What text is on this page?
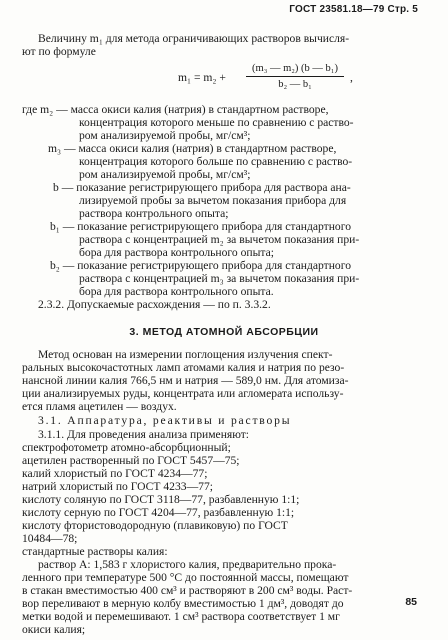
ГОСТ 23581.18—79 Стр. 5
Величину m₁ для метода ограничивающих растворов вычисля-
ют по формуле
m₁ = m₂ +
(m₃ — m₂) (b — b₁)
b₂ — b₁
,
где m₂ — масса окиси калия (натрия) в стандартном растворе,
концентрация которого меньше по сравнению с раство-
ром анализируемой пробы, мг/см³;
m₃ — масса окиси калия (натрия) в стандартном растворе,
концентрация которого больше по сравнению с раство-
ром анализируемой пробы, мг/см³;
b — показание регистрирующего прибора для раствора ана-
лизируемой пробы за вычетом показания прибора для
раствора контрольного опыта;
b₁ — показание регистрирующего прибора для стандартного
раствора с концентрацией m₂ за вычетом показания при-
бора для раствора контрольного опыта;
b₂ — показание регистрирующего прибора для стандартного
раствора с концентрацией m₃ за вычетом показания при-
бора для раствора контрольного опыта.
2.3.2. Допускаемые расхождения — по п. 3.3.2.
3. МЕТОД АТОМНОЙ АБСОРБЦИИ
Метод основан на измерении поглощения излучения спект-
ральных высокочастотных ламп атомами калия и натрия по резо-
нансной линии калия 766,5 нм и натрия — 589,0 нм. Для атомиза-
ции анализируемых руды, концентрата или агломерата использу-
ется пламя ацетилен — воздух.
3.1. Аппаратура, реактивы и растворы
3.1.1. Для проведения анализа применяют:
спектрофотометр атомно-абсорбционный;
ацетилен растворенный по ГОСТ 5457—75;
калий хлористый по ГОСТ 4234—77;
натрий хлористый по ГОСТ 4233—77;
кислоту соляную по ГОСТ 3118—77, разбавленную 1:1;
кислоту серную по ГОСТ 4204—77, разбавленную 1:1;
кислоту фтористоводородную (плавиковую) по ГОСТ
10484—78;
стандартные растворы калия:
раствор А: 1,583 г хлористого калия, предварительно прока-
ленного при температуре 500 °С до постоянной массы, помещают
в стакан вместимостью 400 см³ и растворяют в 200 см³ воды. Раст-
вор переливают в мерную колбу вместимостью 1 дм³, доводят до
метки водой и перемешивают. 1 см³ раствора соответствует 1 мг
окиси калия;
85
